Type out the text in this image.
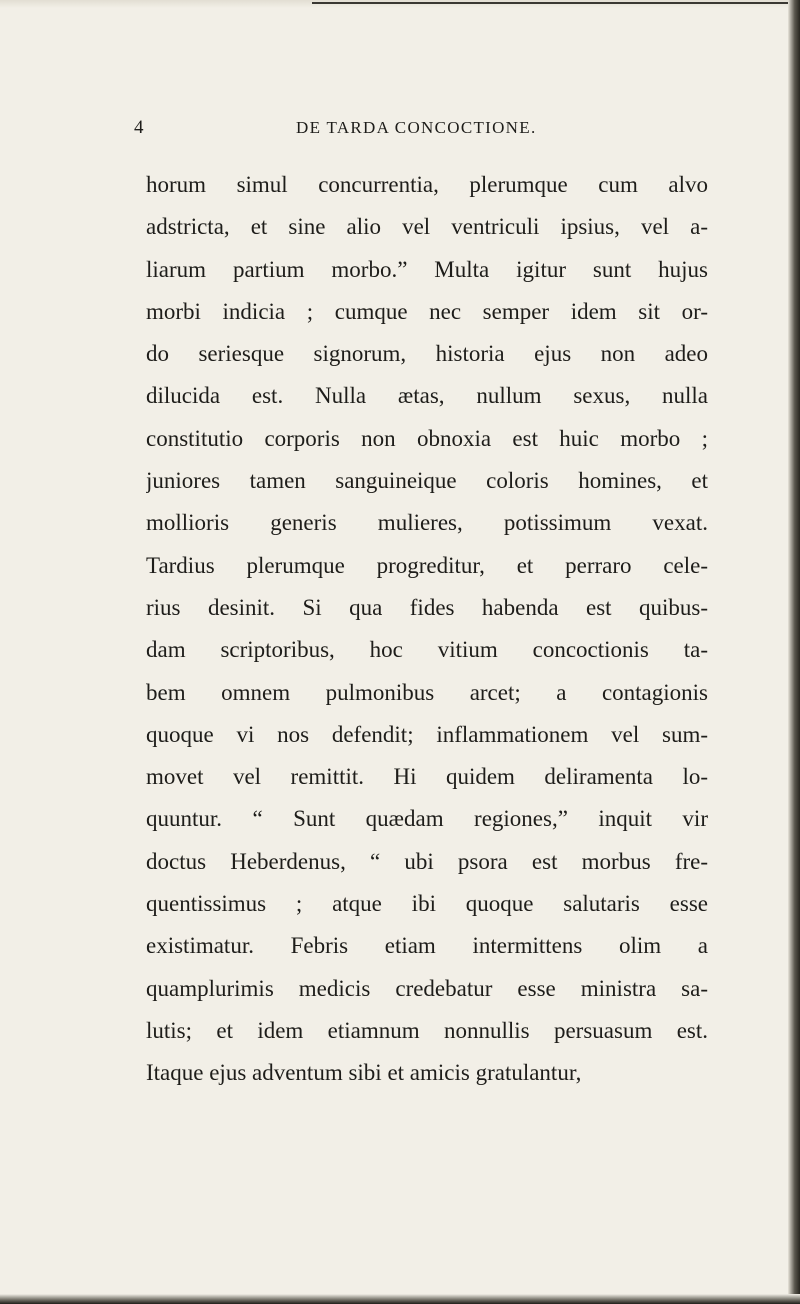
4	DE TARDA CONCOCTIONE.
horum simul concurrentia, plerumque cum alvo
adstricta, et sine alio vel ventriculi ipsius, vel a-
liarum partium morbo.” Multa igitur sunt hujus
morbi indicia ; cumque nec semper idem sit or-
do seriesque signorum, historia ejus non adeo
dilucida est. Nulla ætas, nullum sexus, nulla
constitutio corporis non obnoxia est huic morbo ;
juniores tamen sanguineique coloris homines, et
mollioris generis mulieres, potissimum vexat.
Tardius plerumque progreditur, et perraro cele-
rius desinit. Si qua fides habenda est quibus-
dam scriptoribus, hoc vitium concoctionis ta-
bem omnem pulmonibus arcet; a contagionis
quoque vi nos defendit; inflammationem vel sum-
movet vel remittit. Hi quidem deliramenta lo-
quuntur. “ Sunt quædam regiones,” inquit vir
doctus Heberdenus, “ ubi psora est morbus fre-
quentissimus ; atque ibi quoque salutaris esse
existimatur. Febris etiam intermittens olim a
quamplurimis medicis credebatur esse ministra sa-
lutis; et idem etiamnum nonnullis persuasum est.
Itaque ejus adventum sibi et amicis gratulantur,
